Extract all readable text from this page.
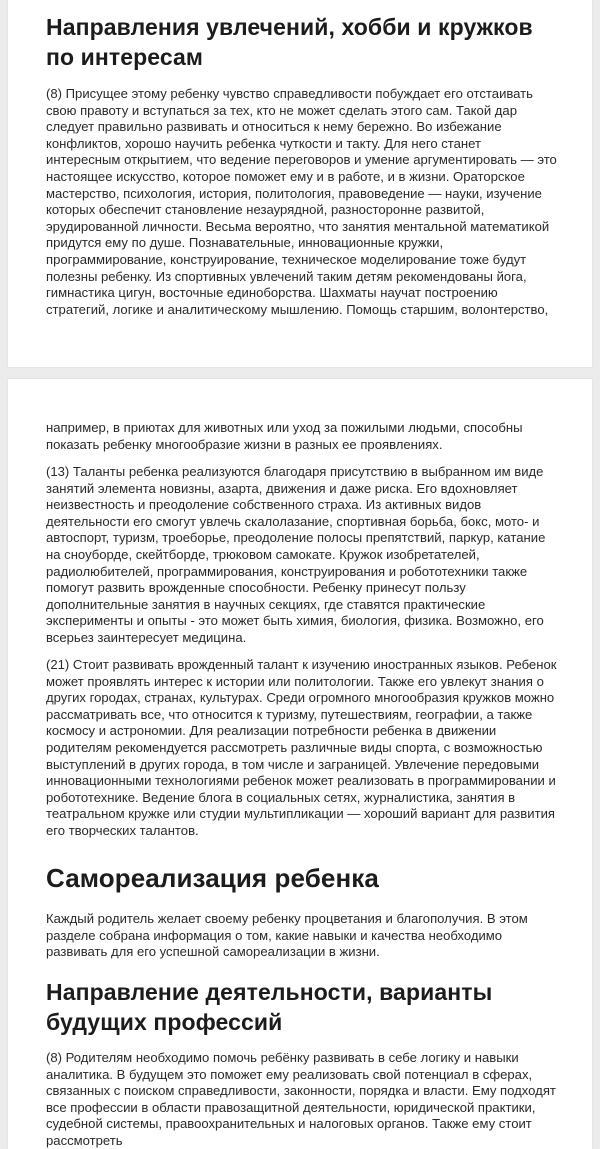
Направления увлечений, хобби и кружков по интересам

(8) Присущее этому ребенку чувство справедливости побуждает его отстаивать свою правоту и вступаться за тех, кто не может сделать этого сам. Такой дар следует правильно развивать и относиться к нему бережно. Во избежание конфликтов, хорошо научить ребенка чуткости и такту. Для него станет интересным открытием, что ведение переговоров и умение аргументировать — это настоящее искусство, которое поможет ему и в работе, и в жизни. Ораторское мастерство, психология, история, политология, правоведение — науки, изучение которых обеспечит становление незаурядной, разносторонне развитой, эрудированной личности. Весьма вероятно, что занятия ментальной математикой придутся ему по душе. Познавательные, инновационные кружки, программирование, конструирование, техническое моделирование тоже будут полезны ребенку. Из спортивных увлечений таким детям рекомендованы йога, гимнастика цигун, восточные единоборства. Шахматы научат построению стратегий, логике и аналитическому мышлению. Помощь старшим, волонтерство,

например, в приютах для животных или уход за пожилыми людьми, способны показать ребенку многообразие жизни в разных ее проявлениях.

(13) Таланты ребенка реализуются благодаря присутствию в выбранном им виде занятий элемента новизны, азарта, движения и даже риска. Его вдохновляет неизвестность и преодоление собственного страха. Из активных видов деятельности его смогут увлечь скалолазание, спортивная борьба, бокс, мото- и автоспорт, туризм, троеборье, преодоление полосы препятствий, паркур, катание на сноуборде, скейтборде, трюковом самокате. Кружок изобретателей, радиолюбителей, программирования, конструирования и робототехники также помогут развить врожденные способности. Ребенку принесут пользу дополнительные занятия в научных секциях, где ставятся практические эксперименты и опыты - это может быть химия, биология, физика. Возможно, его всерьез заинтересует медицина.

(21) Стоит развивать врожденный талант к изучению иностранных языков. Ребенок может проявлять интерес к истории или политологии. Также его увлекут знания о других городах, странах, культурах. Среди огромного многообразия кружков можно рассматривать все, что относится к туризму, путешествиям, географии, а также космосу и астрономии. Для реализации потребности ребенка в движении родителям рекомендуется рассмотреть различные виды спорта, с возможностью выступлений в других города, в том числе и заграницей. Увлечение передовыми инновационными технологиями ребенок может реализовать в программировании и робототехнике. Ведение блога в социальных сетях, журналистика, занятия в театральном кружке или студии мультипликации — хороший вариант для развития его творческих талантов.

Самореализация ребенка

Каждый родитель желает своему ребенку процветания и благополучия. В этом разделе собрана информация о том, какие навыки и качества необходимо развивать для его успешной самореализации в жизни.

Направление деятельности, варианты будущих профессий

(8) Родителям необходимо помочь ребёнку развивать в себе логику и навыки аналитика. В будущем это поможет ему реализовать свой потенциал в сферах, связанных с поиском справедливости, законности, порядка и власти. Ему подходят все профессии в области правозащитной деятельности, юридической практики, судебной системы, правоохранительных и налоговых органов. Также ему стоит рассмотреть
